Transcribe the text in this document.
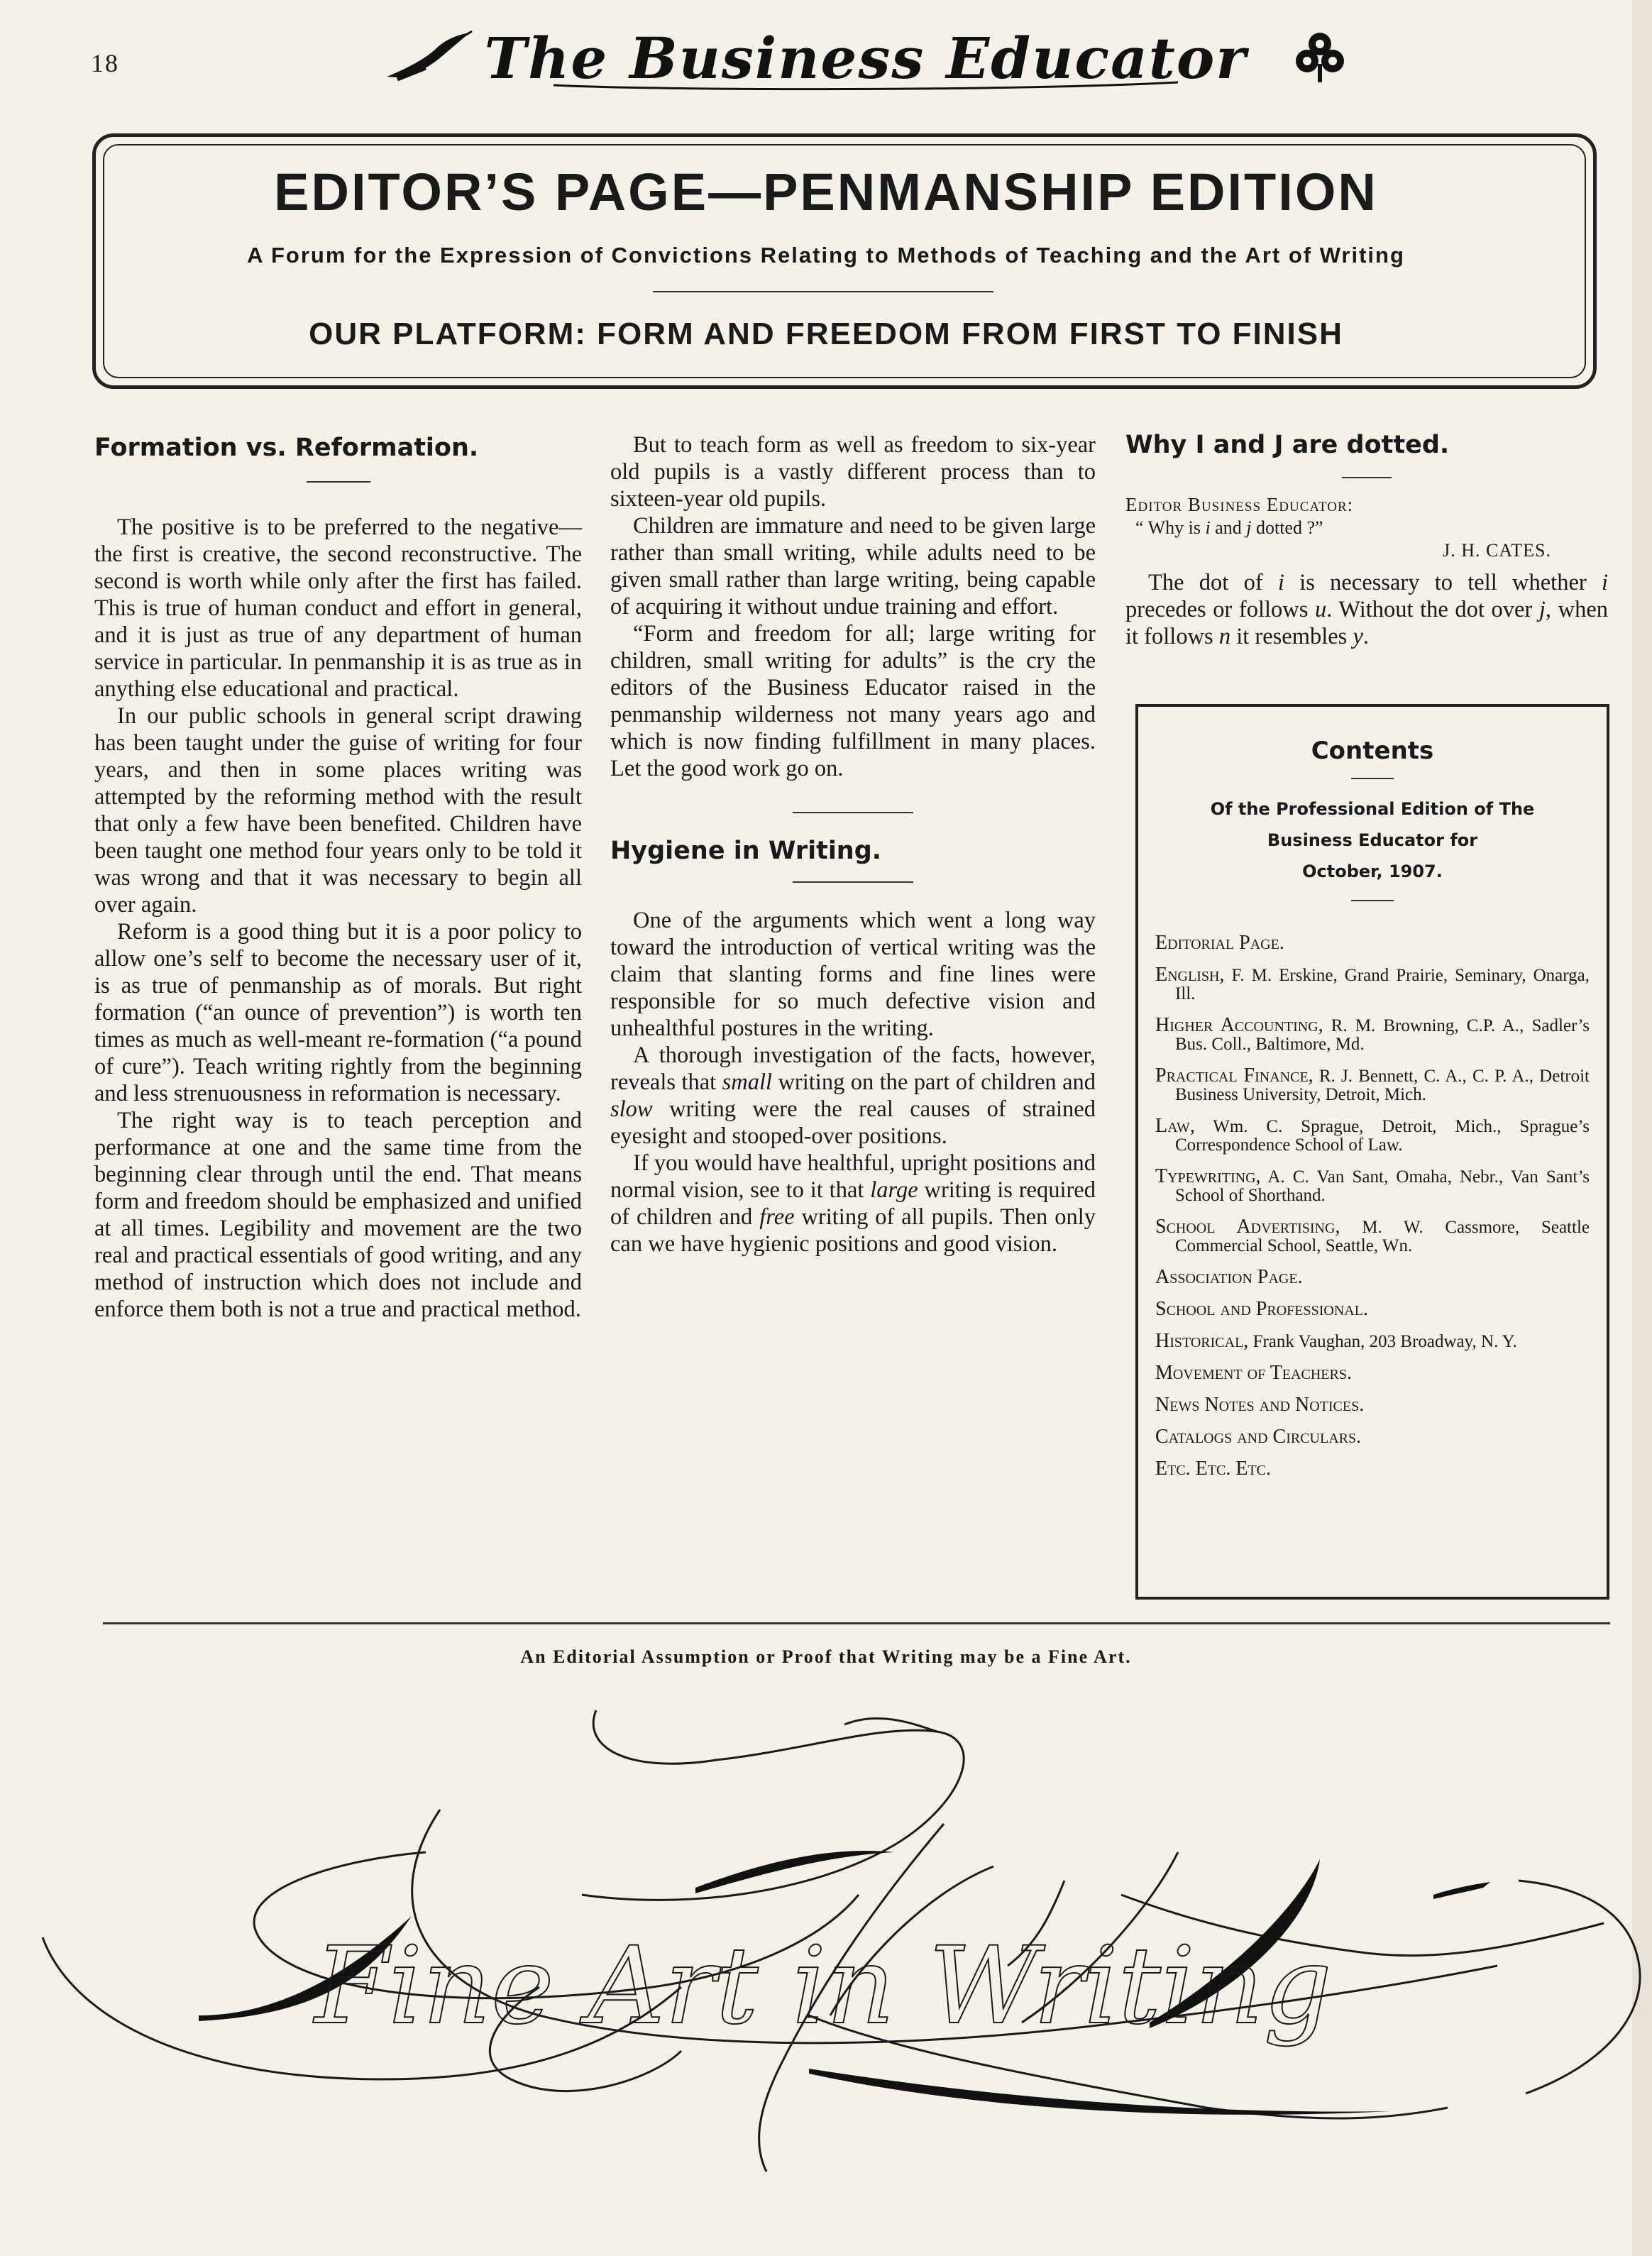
18	The Business Educator
EDITOR’S PAGE—PENMANSHIP EDITION
A Forum for the Expression of Convictions Relating to Methods of Teaching and the Art of Writing
OUR PLATFORM: FORM AND FREEDOM FROM FIRST TO FINISH

Formation vs. Reformation.

The positive is to be preferred to the negative—the first is creative, the second reconstructive. The second is worth while only after the first has failed. This is true of human conduct and effort in general, and it is just as true of any department of human service in particular. In penmanship it is as true as in anything else educational and practical.

In our public schools in general script drawing has been taught under the guise of writing for four years, and then in some places writing was attempted by the reforming method with the result that only a few have been benefited. Children have been taught one method four years only to be told it was wrong and that it was necessary to begin all over again.

Reform is a good thing but it is a poor policy to allow one’s self to become the necessary user of it, is as true of penmanship as of morals. But right formation (“an ounce of prevention”) is worth ten times as much as well-meant re-formation (“a pound of cure”). Teach writing rightly from the beginning and less strenuousness in reformation is necessary.

The right way is to teach perception and performance at one and the same time from the beginning clear through until the end. That means form and freedom should be emphasized and unified at all times. Legibility and movement are the two real and practical essentials of good writing, and any method of instruction which does not include and enforce them both is not a true and practical method.

But to teach form as well as freedom to six-year old pupils is a vastly different process than to sixteen-year old pupils.

Children are immature and need to be given large rather than small writing, while adults need to be given small rather than large writing, being capable of acquiring it without undue training and effort.

“Form and freedom for all; large writing for children, small writing for adults” is the cry the editors of the Business Educator raised in the penmanship wilderness not many years ago and which is now finding fulfillment in many places. Let the good work go on.

Hygiene in Writing.

One of the arguments which went a long way toward the introduction of vertical writing was the claim that slanting forms and fine lines were responsible for so much defective vision and unhealthful postures in the writing.

A thorough investigation of the facts, however, reveals that small writing on the part of children and slow writing were the real causes of strained eyesight and stooped-over positions.

If you would have healthful, upright positions and normal vision, see to it that large writing is required of children and free writing of all pupils. Then only can we have hygienic positions and good vision.

Why I and J are dotted.

Editor Business Educator:

“ Why is i and j dotted ?”

J. H. CATES.

The dot of i is necessary to tell whether i precedes or follows u. Without the dot over j, when it follows n it resembles y.

Contents
Of the Professional Edition of The
Business Educator for
October, 1907.

Editorial Page.

English, F. M. Erskine, Grand Prairie, Seminary, Onarga, Ill.

Higher Accounting, R. M. Browning, C.P. A., Sadler’s Bus. Coll., Baltimore, Md.

Practical Finance, R. J. Bennett, C. A., C. P. A., Detroit Business University, Detroit, Mich.

Law, Wm. C. Sprague, Detroit, Mich., Sprague’s Correspondence School of Law.

Typewriting, A. C. Van Sant, Omaha, Nebr., Van Sant’s School of Shorthand.

School Advertising, M. W. Cassmore, Seattle Commercial School, Seattle, Wn.

Association Page.

School and Professional.

Historical, Frank Vaughan, 203 Broadway, N. Y.

Movement of Teachers.

News Notes and Notices.

Catalogs and Circulars.

Etc. Etc. Etc.

An Editorial Assumption or Proof that Writing may be a Fine Art.
Fine Art in Writing
